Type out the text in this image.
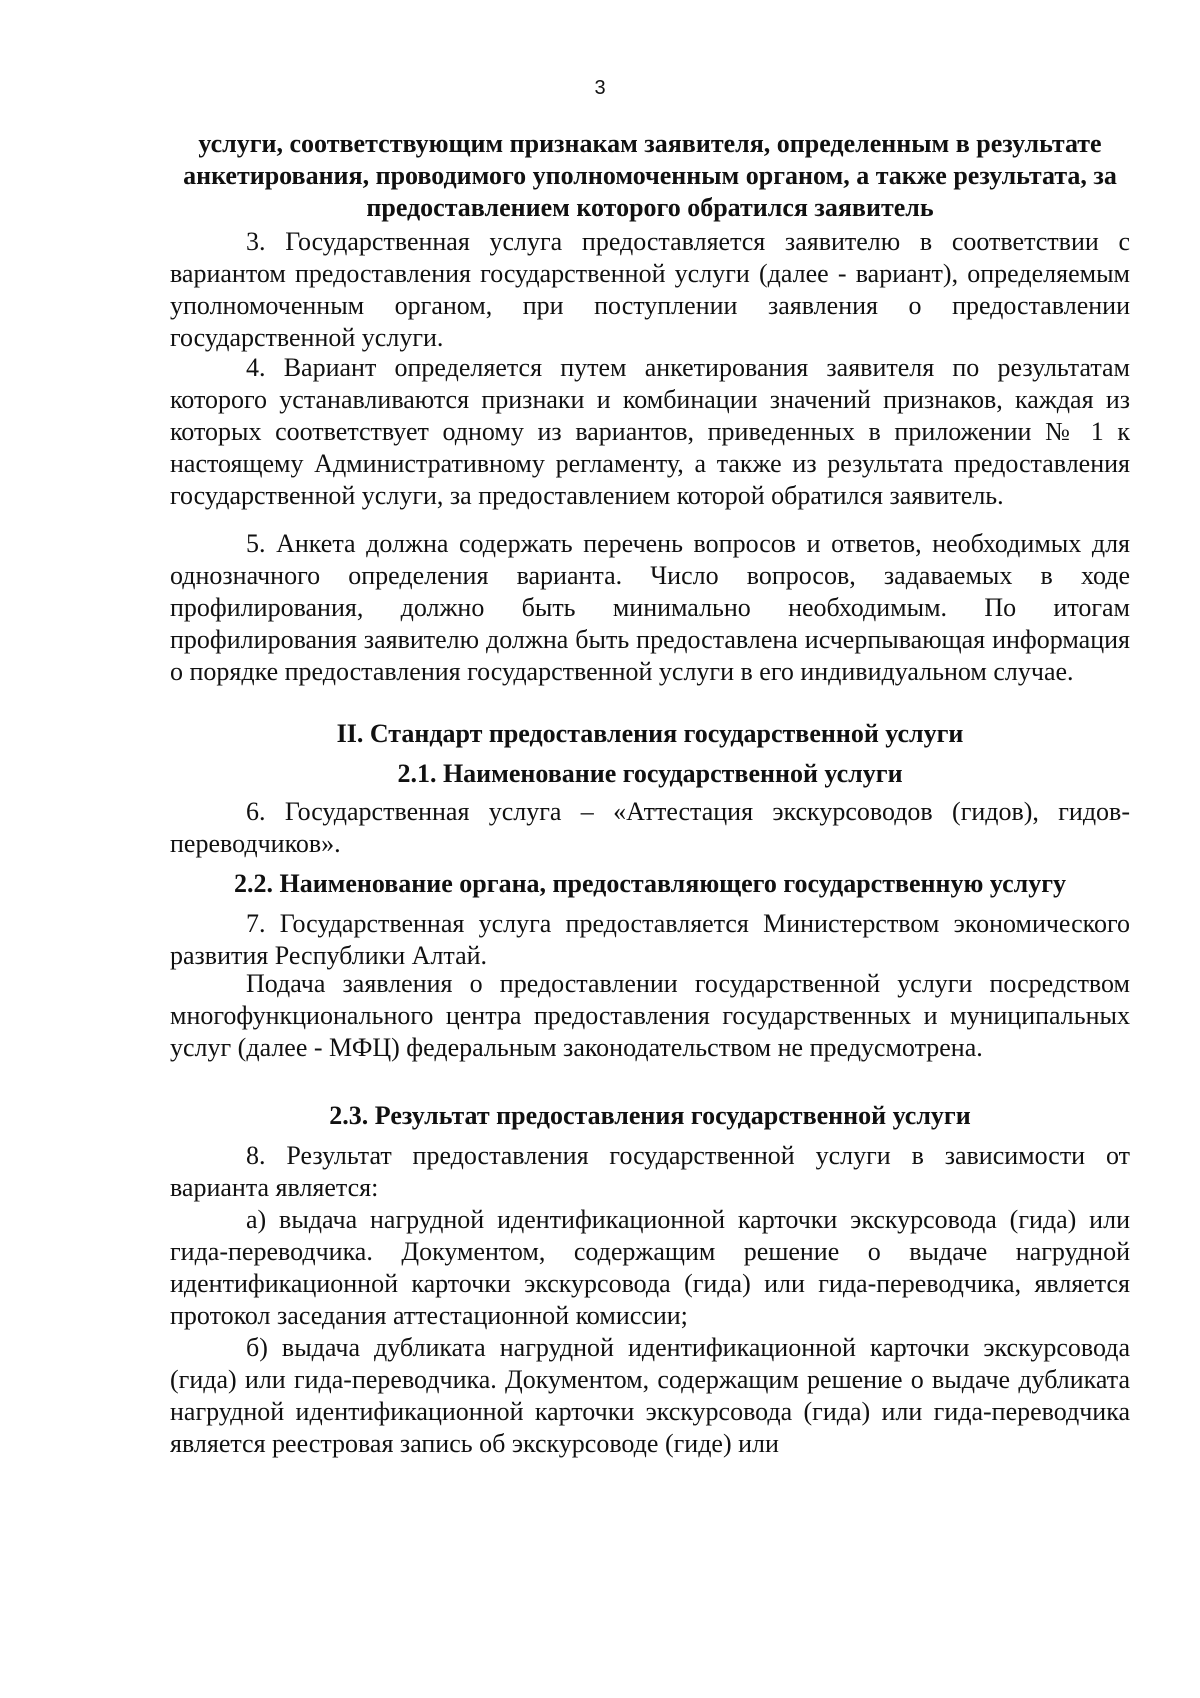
3

услуги, соответствующим признакам заявителя, определенным в результате анкетирования, проводимого уполномоченным органом, а также результата, за предоставлением которого обратился заявитель

3. Государственная услуга предоставляется заявителю в соответствии с вариантом предоставления государственной услуги (далее - вариант), определяемым уполномоченным органом, при поступлении заявления о предоставлении государственной услуги.

4. Вариант определяется путем анкетирования заявителя по результатам которого устанавливаются признаки и комбинации значений признаков, каждая из которых соответствует одному из вариантов, приведенных в приложении № 1 к настоящему Административному регламенту, а также из результата предоставления государственной услуги, за предоставлением которой обратился заявитель.

5. Анкета должна содержать перечень вопросов и ответов, необходимых для однозначного определения варианта. Число вопросов, задаваемых в ходе профилирования, должно быть минимально необходимым. По итогам профилирования заявителю должна быть предоставлена исчерпывающая информация о порядке предоставления государственной услуги в его индивидуальном случае.

II. Стандарт предоставления государственной услуги

2.1. Наименование государственной услуги

6. Государственная услуга – «Аттестация экскурсоводов (гидов), гидов-переводчиков».

2.2. Наименование органа, предоставляющего государственную услугу

7. Государственная услуга предоставляется Министерством экономического развития Республики Алтай.

Подача заявления о предоставлении государственной услуги посредством многофункционального центра предоставления государственных и муниципальных услуг (далее - МФЦ) федеральным законодательством не предусмотрена.

2.3. Результат предоставления государственной услуги

8. Результат предоставления государственной услуги в зависимости от варианта является:

а) выдача нагрудной идентификационной карточки экскурсовода (гида) или гида-переводчика. Документом, содержащим решение о выдаче нагрудной идентификационной карточки экскурсовода (гида) или гида-переводчика, является протокол заседания аттестационной комиссии;

б) выдача дубликата нагрудной идентификационной карточки экскурсовода (гида) или гида-переводчика. Документом, содержащим решение о выдаче дубликата нагрудной идентификационной карточки экскурсовода (гида) или гида-переводчика является реестровая запись об экскурсоводе (гиде) или
